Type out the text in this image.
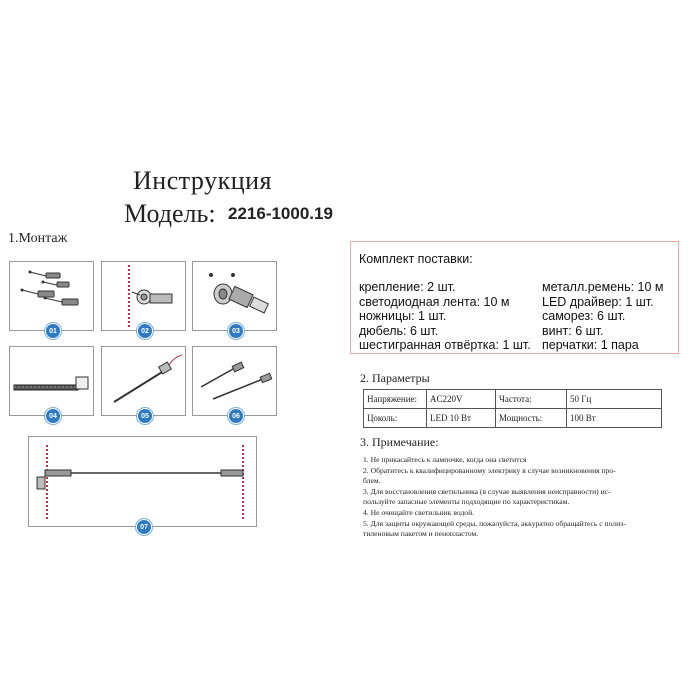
Инструкция
Модель: 2216-1000.19
1.Монтаж
01	02	03
04	05	06
07
Комплект поставки:
крепление: 2 шт.
светодиодная лента: 10 м
ножницы: 1 шт.
дюбель: 6 шт.
шестигранная отвёртка: 1 шт.
металл.ремень: 10 м
LED драйвер: 1 шт.
саморез: 6 шт.
винт: 6 шт.
перчатки: 1 пара
2. Параметры
Напряжение:	AC220V	Частота:	50 Гц
Цоколь:	LED 10 Вт	Мощность:	100 Вт
3. Примечание:
1. Не прикасайтесь к лампочке, когда она светится
2. Обратитесь к квалифицированному электрику в случае возникновения про-
блем.
3. Для восстановления светильника (в случае выявления неисправности) ис-
пользуйте запасные элементы подходящие по характеристикам.
4. Не очищайте светильник водой.
5. Для защиты окружающей среды, пожалуйста, аккуратно обращайтесь с полиэ-
тиленовым пакетом и пенопластом.
